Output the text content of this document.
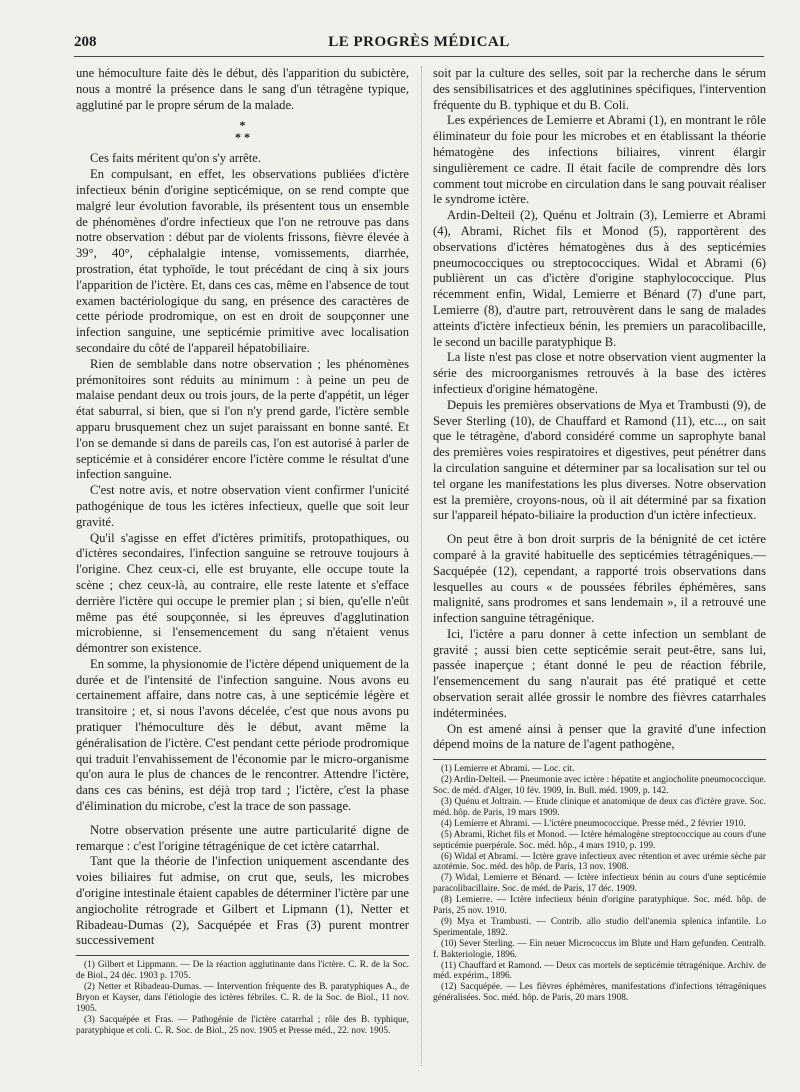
208	LE PROGRÈS MÉDICAL

une hémoculture faite dès le début, dès l'apparition du subictère, nous a montré la présence dans le sang d'un tétragène typique, agglutiné par le propre sérum de la malade.

*
* *

Ces faits méritent qu'on s'y arrête.

En compulsant, en effet, les observations publiées d'ictère infectieux bénin d'origine septicémique, on se rend compte que malgré leur évolution favorable, ils présentent tous un ensemble de phénomènes d'ordre infectieux que l'on ne retrouve pas dans notre observation : début par de violents frissons, fièvre élevée à 39°, 40°, céphalalgie intense, vomissements, diarrhée, prostration, état typhoïde, le tout précédant de cinq à six jours l'apparition de l'ictère. Et, dans ces cas, même en l'absence de tout examen bactériologique du sang, en présence des caractères de cette période prodromique, on est en droit de soupçonner une infection sanguine, une septicémie primitive avec localisation secondaire du côté de l'appareil hépatobiliaire.

Rien de semblable dans notre observation ; les phénomènes prémonitoires sont réduits au minimum : à peine un peu de malaise pendant deux ou trois jours, de la perte d'appétit, un léger état saburral, si bien, que si l'on n'y prend garde, l'ictère semble apparu brusquement chez un sujet paraissant en bonne santé. Et l'on se demande si dans de pareils cas, l'on est autorisé à parler de septicémie et à considérer encore l'ictère comme le résultat d'une infection sanguine.

C'est notre avis, et notre observation vient confirmer l'unicité pathogénique de tous les ictères infectieux, quelle que soit leur gravité.

Qu'il s'agisse en effet d'ictères primitifs, protopathiques, ou d'ictères secondaires, l'infection sanguine se retrouve toujours à l'origine. Chez ceux-ci, elle est bruyante, elle occupe toute la scène ; chez ceux-là, au contraire, elle reste latente et s'efface derrière l'ictère qui occupe le premier plan ; si bien, qu'elle n'eût même pas été soupçonnée, si les épreuves d'agglutination microbienne, si l'ensemencement du sang n'étaient venus démontrer son existence.

En somme, la physionomie de l'ictère dépend uniquement de la durée et de l'intensité de l'infection sanguine. Nous avons eu certainement affaire, dans notre cas, à une septicémie légère et transitoire ; et, si nous l'avons décelée, c'est que nous avons pu pratiquer l'hémoculture dès le début, avant même la généralisation de l'ictère. C'est pendant cette période prodromique qui traduit l'envahissement de l'économie par le micro-organisme qu'on aura le plus de chances de le rencontrer. Attendre l'ictère, dans ces cas bénins, est déjà trop tard ; l'ictère, c'est la phase d'élimination du microbe, c'est la trace de son passage.

Notre observation présente une autre particularité digne de remarque : c'est l'origine tétragénique de cet ictère catarrhal.

Tant que la théorie de l'infection uniquement ascendante des voies biliaires fut admise, on crut que, seuls, les microbes d'origine intestinale étaient capables de déterminer l'ictère par une angiocholite rétrograde et Gilbert et Lipmann (1), Netter et Ribadeau-Dumas (2), Sacquépée et Fras (3) purent montrer successivement

(1) Gilbert et Lippmann. — De la réaction agglutinante dans l'ictère. C. R. de la Soc. de Biol., 24 déc. 1903 p. 1705.

(2) Netter et Ribadeau-Dumas. — Intervention fréquente des B. paratyphiques A., de Bryon et Kayser, dans l'étiologie des ictères fébriles. C. R. de la Soc. de Biol., 11 nov. 1905.

(3) Sacquépée et Fras. — Pathogénie de l'ictère catarrhal ; rôle des B. typhique, paratyphique et coli. C. R. Soc. de Biol., 25 nov. 1905 et Presse méd., 22. nov. 1905.

soit par la culture des selles, soit par la recherche dans le sérum des sensibilisatrices et des agglutinines spécifiques, l'intervention fréquente du B. typhique et du B. Coli.

Les expériences de Lemierre et Abrami (1), en montrant le rôle éliminateur du foie pour les microbes et en établissant la théorie hématogène des infections biliaires, vinrent élargir singulièrement ce cadre. Il était facile de comprendre dès lors comment tout microbe en circulation dans le sang pouvait réaliser le syndrome ictère.

Ardin-Delteil (2), Quénu et Joltrain (3), Lemierre et Abrami (4), Abrami, Richet fils et Monod (5), rapportèrent des observations d'ictères hématogènes dus à des septicémies pneumococciques ou streptococciques. Widal et Abrami (6) publièrent un cas d'ictère d'origine staphylococcique. Plus récemment enfin, Widal, Lemierre et Bénard (7) d'une part, Lemierre (8), d'autre part, retrouvèrent dans le sang de malades atteints d'ictère infectieux bénin, les premiers un paracolibacille, le second un bacille paratyphique B.

La liste n'est pas close et notre observation vient augmenter la série des microorganismes retrouvés à la base des ictères infectieux d'origine hématogène.

Depuis les premières observations de Mya et Trambusti (9), de Sever Sterling (10), de Chauffard et Ramond (11), etc..., on sait que le tétragène, d'abord considéré comme un saprophyte banal des premières voies respiratoires et digestives, peut pénétrer dans la circulation sanguine et déterminer par sa localisation sur tel ou tel organe les manifestations les plus diverses. Notre observation est la première, croyons-nous, où il ait déterminé par sa fixation sur l'appareil hépato-biliaire la production d'un ictère infectieux.

On peut être à bon droit surpris de la bénignité de cet ictère comparé à la gravité habituelle des septicémies tétragéniques.— Sacquépée (12), cependant, a rapporté trois observations dans lesquelles au cours « de poussées fébriles éphémères, sans malignité, sans prodromes et sans lendemain », il a retrouvé une infection sanguine tétragénique.

Ici, l'ictère a paru donner à cette infection un semblant de gravité ; aussi bien cette septicémie serait peut-être, sans lui, passée inaperçue ; étant donné le peu de réaction fébrile, l'ensemencement du sang n'aurait pas été pratiqué et cette observation serait allée grossir le nombre des fièvres catarrhales indéterminées.

On est amené ainsi à penser que la gravité d'une infection dépend moins de la nature de l'agent pathogène,

(1) Lemierre et Abrami. — Loc. cit.

(2) Ardin-Delteil. — Pneumonie avec ictère : hépatite et angiocholite pneumococcique. Soc. de méd. d'Alger, 10 fév. 1909, In. Bull. méd. 1909, p. 142.

(3) Quénu et Joltrain. — Etude clinique et anatomique de deux cas d'ictère grave. Soc. méd. hôp. de Paris, 19 mars 1909.

(4) Lemierre et Abrami. — L'ictère pneumococcique. Presse méd., 2 février 1910.

(5) Abrami, Richet fils et Monod. — Ictère hémalogène streptococcique au cours d'une septicémie puerpérale. Soc. méd. hôp., 4 mars 1910, p. 199.

(6) Widal et Abrami. — Ictère grave infectieux avec rétention et avec urémie sèche par azotémie. Soc. méd. des hôp. de Paris, 13 nov. 1908.

(7) Widal, Lemierre et Bénard. — Ictère infectieux bénin au cours d'une septicémie paracolibacillaire. Soc. de méd. de Paris, 17 déc. 1909.

(8) Lemierre. — Ictère infectieux bénin d'origine paratyphique. Soc. méd. hôp. de Paris, 25 nov. 1910.

(9) Mya et Trambusti. — Contrib. allo studio dell'anemia splenica infantile. Lo Sperimentale, 1892.

(10) Sever Sterling. — Ein neuer Micrococcus im Blute und Harn gefunden. Centralb. f. Bakteriologie, 1896.

(11) Chauffard et Ramond. — Deux cas mortels de septicémie tétragénique. Archiv. de méd. expérim., 1896.

(12) Sacquépée. — Les fièvres éphémères, manifestations d'infections tétragéniques généralisées. Soc. méd. hôp. de Paris, 20 mars 1908.
